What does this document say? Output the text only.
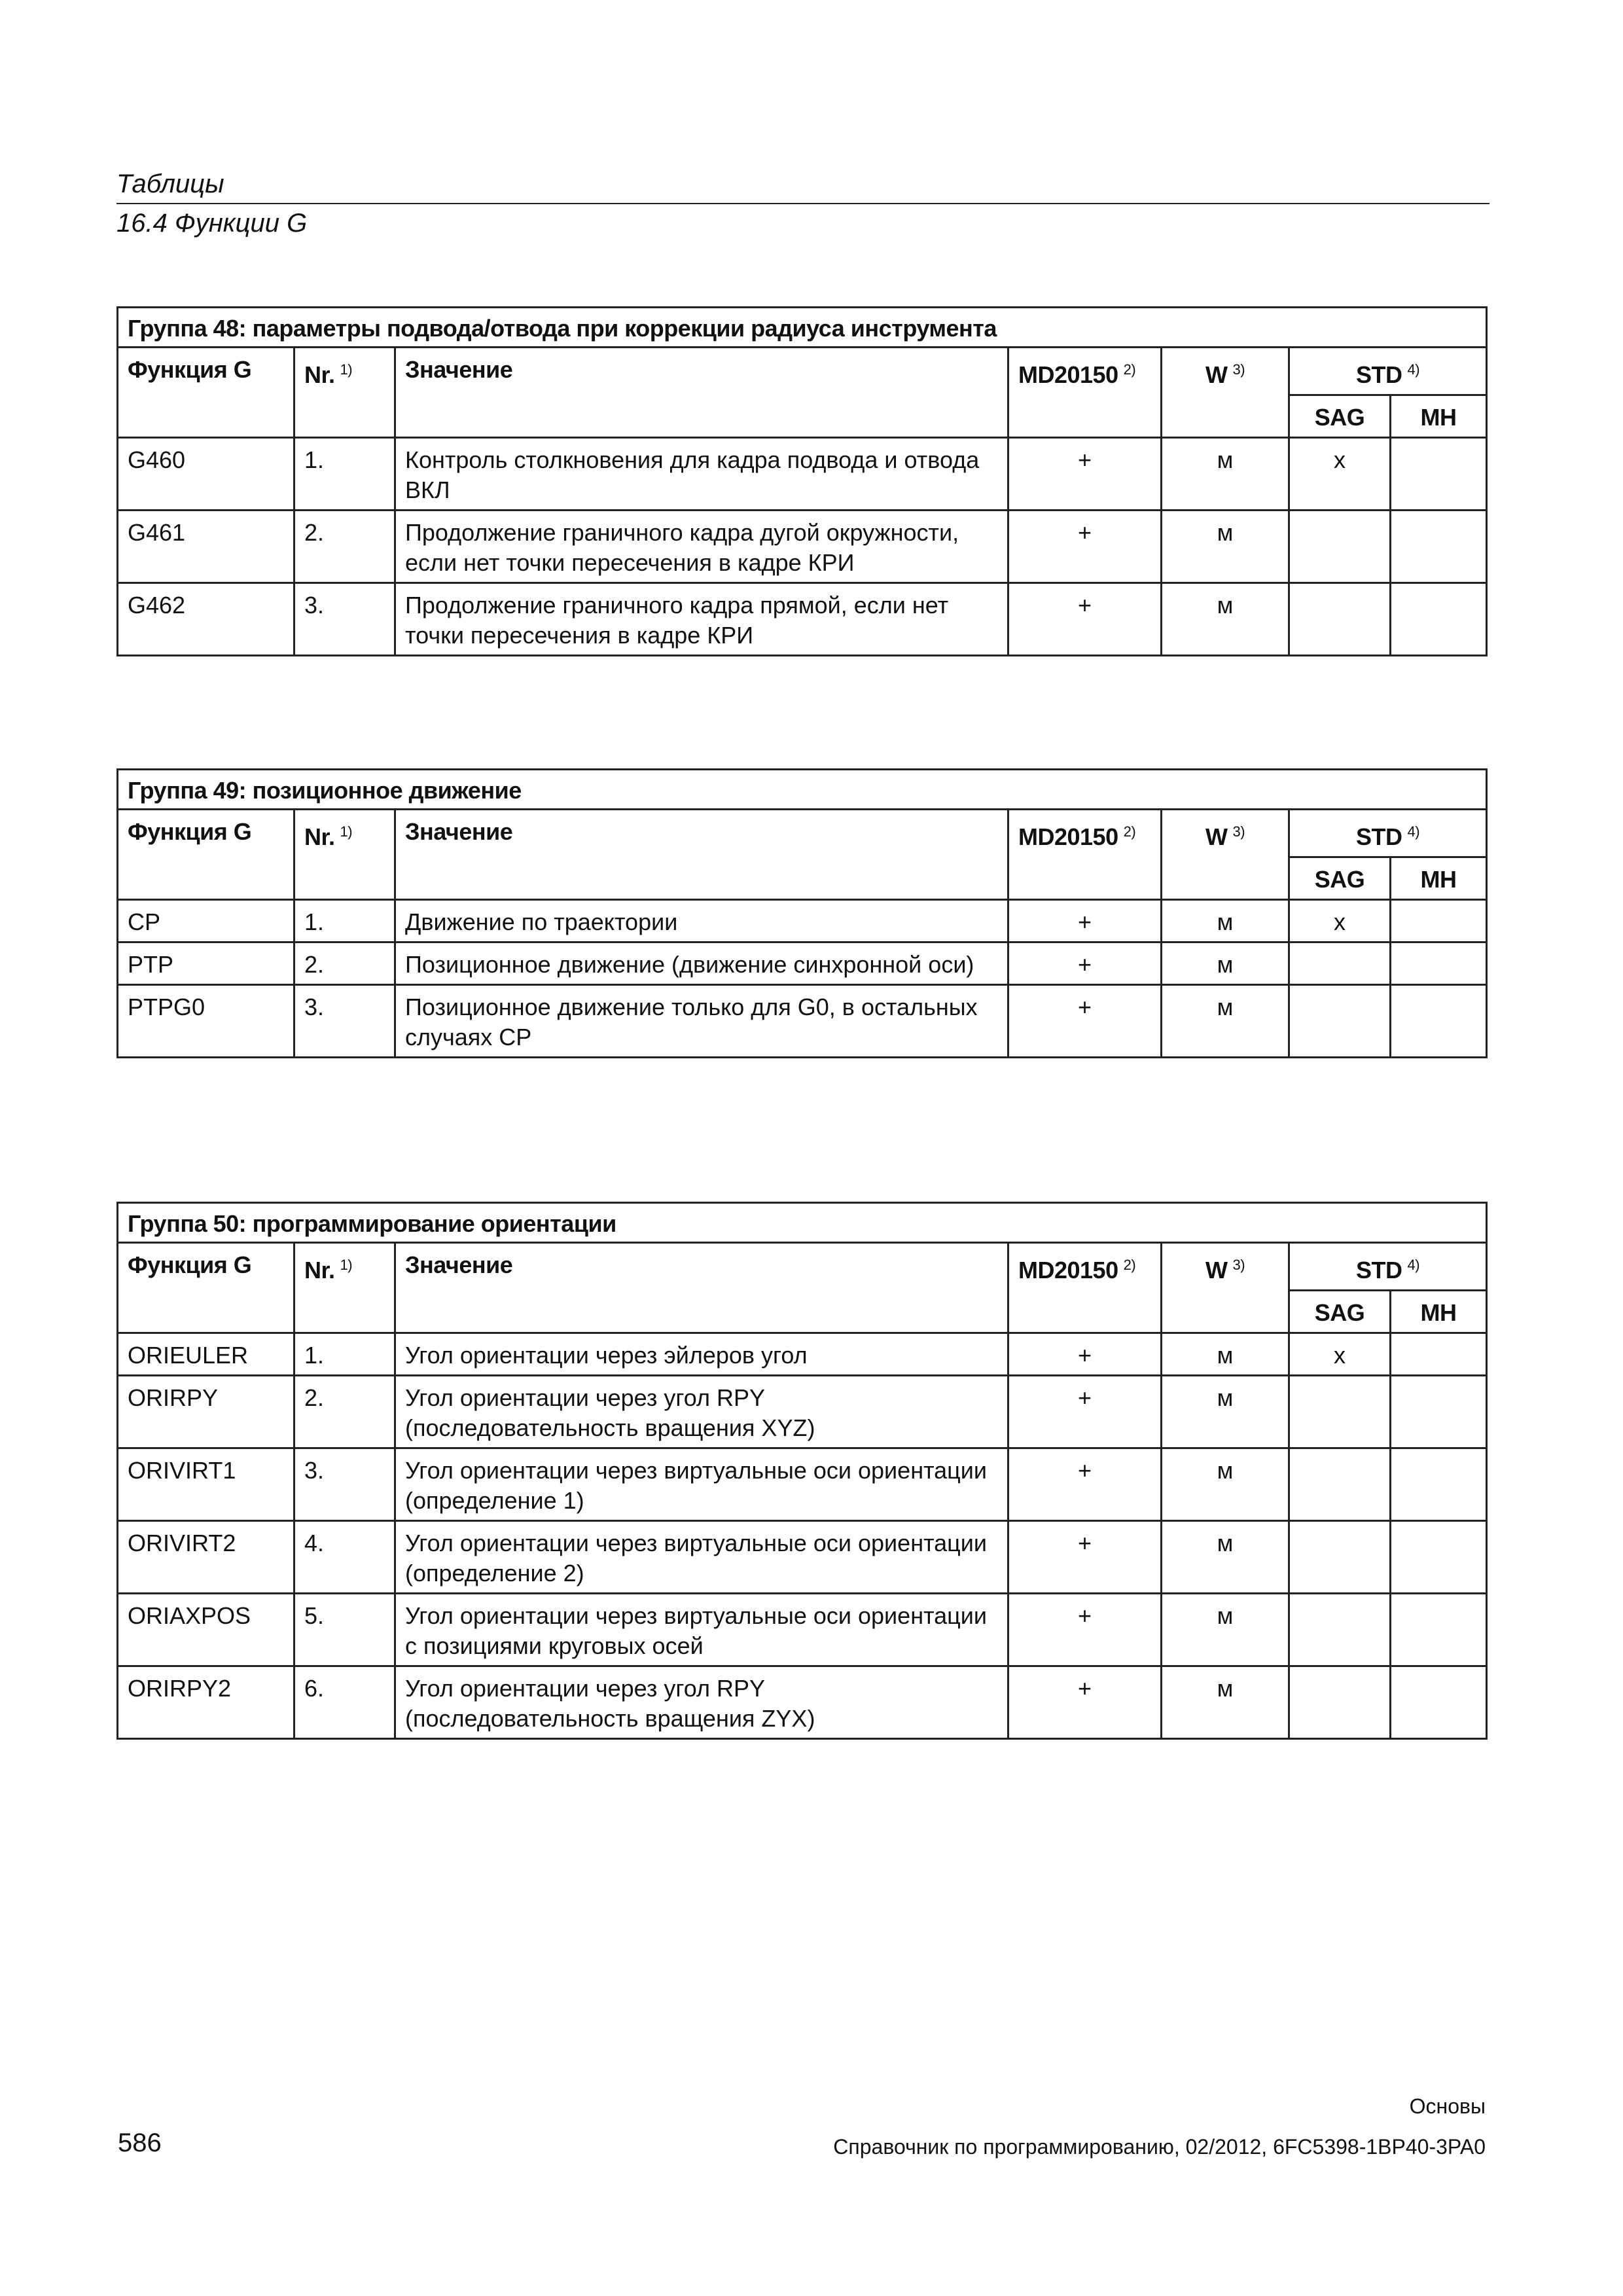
Таблицы
16.4 Функции G
Группа 48: параметры подвода/отвода при коррекции радиуса инструмента						
Функция G	Nr. $^{1)}$	Значение	MD20150 $^{2)}$	W $^{3)}$	STD $^{4)}$
					SAG	MH
G460	1.	Контроль столкновения для кадра подвода и отвода ВКЛ	+	м	x	
G461	2.	Продолжение граничного кадра дугой окружности, если нет точки пересечения в кадре КРИ	+	м		
G462	3.	Продолжение граничного кадра прямой, если нет точки пересечения в кадре КРИ	+	м		
Группа 49: позиционное движение						
Функция G	Nr. $^{1)}$	Значение	MD20150 $^{2)}$	W $^{3)}$	STD $^{4)}$
					SAG	MH
CP	1.	Движение по траектории	+	м	x	
PTP	2.	Позиционное движение (движение синхронной оси)	+	м		
PTPG0	3.	Позиционное движение только для G0, в остальных случаях CP	+	м		
Группа 50: программирование ориентации						
Функция G	Nr. $^{1)}$	Значение	MD20150 $^{2)}$	W $^{3)}$	STD $^{4)}$
					SAG	MH
ORIEULER	1.	Угол ориентации через эйлеров угол	+	м	x	
ORIRPY	2.	Угол ориентации через угол RPY (последовательность вращения XYZ)	+	м		
ORIVIRT1	3.	Угол ориентации через виртуальные оси ориентации (определение 1)	+	м		
ORIVIRT2	4.	Угол ориентации через виртуальные оси ориентации (определение 2)	+	м		
ORIAXPOS	5.	Угол ориентации через виртуальные оси ориентации с позициями круговых осей	+	м		
ORIRPY2	6.	Угол ориентации через угол RPY (последовательность вращения ZYX)	+	м		
Основы
586	Справочник по программированию, 02/2012, 6FC5398-1BP40-3PA0
